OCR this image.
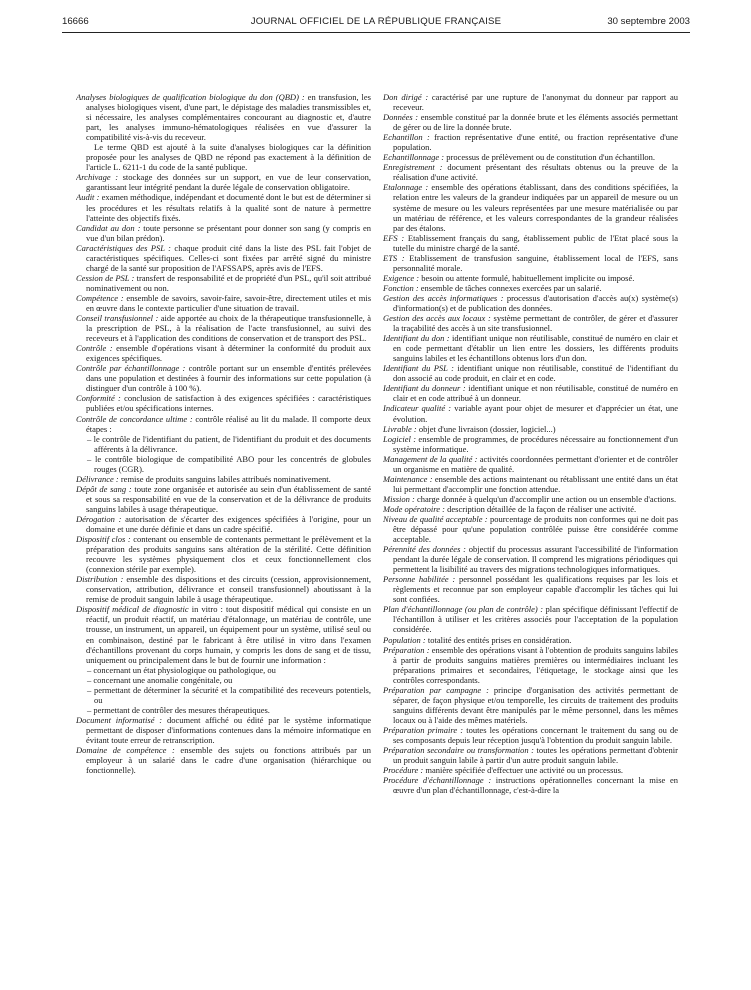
16666	JOURNAL OFFICIEL DE LA RÉPUBLIQUE FRANÇAISE	30 septembre 2003

Analyses biologiques de qualification biologique du don (QBD) : en transfusion, les analyses biologiques visent, d'une part, le dépistage des maladies transmissibles et, si nécessaire, les analyses complémentaires concourant au diagnostic et, d'autre part, les analyses immuno-hématologiques réalisées en vue d'assurer la compatibilité vis-à-vis du receveur.

Le terme QBD est ajouté à la suite d'analyses biologiques car la définition proposée pour les analyses de QBD ne répond pas exactement à la définition de l'article L. 6211-1 du code de la santé publique.

Archivage : stockage des données sur un support, en vue de leur conservation, garantissant leur intégrité pendant la durée légale de conservation obligatoire.

Audit : examen méthodique, indépendant et documenté dont le but est de déterminer si les procédures et les résultats relatifs à la qualité sont de nature à permettre l'atteinte des objectifs fixés.

Candidat au don : toute personne se présentant pour donner son sang (y compris en vue d'un bilan prédon).

Caractéristiques des PSL : chaque produit cité dans la liste des PSL fait l'objet de caractéristiques spécifiques. Celles-ci sont fixées par arrêté signé du ministre chargé de la santé sur proposition de l'AFSSAPS, après avis de l'EFS.

Cession de PSL : transfert de responsabilité et de propriété d'un PSL, qu'il soit attribué nominativement ou non.

Compétence : ensemble de savoirs, savoir-faire, savoir-être, directement utiles et mis en œuvre dans le contexte particulier d'une situation de travail.

Conseil transfusionnel : aide apportée au choix de la thérapeutique transfusionnelle, à la prescription de PSL, à la réalisation de l'acte transfusionnel, au suivi des receveurs et à l'application des conditions de conservation et de transport des PSL.

Contrôle : ensemble d'opérations visant à déterminer la conformité du produit aux exigences spécifiques.

Contrôle par échantillonnage : contrôle portant sur un ensemble d'entités prélevées dans une population et destinées à fournir des informations sur cette population (à distinguer d'un contrôle à 100 %).

Conformité : conclusion de satisfaction à des exigences spécifiées : caractéristiques publiées et/ou spécifications internes.

Contrôle de concordance ultime : contrôle réalisé au lit du malade. Il comporte deux étapes :

– le contrôle de l'identifiant du patient, de l'identifiant du produit et des documents afférents à la délivrance.

– le contrôle biologique de compatibilité ABO pour les concentrés de globules rouges (CGR).

Délivrance : remise de produits sanguins labiles attribués nominativement.

Dépôt de sang : toute zone organisée et autorisée au sein d'un établissement de santé et sous sa responsabilité en vue de la conservation et de la délivrance de produits sanguins labiles à usage thérapeutique.

Dérogation : autorisation de s'écarter des exigences spécifiées à l'origine, pour un domaine et une durée définie et dans un cadre spécifié.

Dispositif clos : contenant ou ensemble de contenants permettant le prélèvement et la préparation des produits sanguins sans altération de la stérilité. Cette définition recouvre les systèmes physiquement clos et ceux fonctionnellement clos (connexion stérile par exemple).

Distribution : ensemble des dispositions et des circuits (cession, approvisionnement, conservation, attribution, délivrance et conseil transfusionnel) aboutissant à la remise de produit sanguin labile à usage thérapeutique.

Dispositif médical de diagnostic in vitro : tout dispositif médical qui consiste en un réactif, un produit réactif, un matériau d'étalonnage, un matériau de contrôle, une trousse, un instrument, un appareil, un équipement pour un système, utilisé seul ou en combinaison, destiné par le fabricant à être utilisé in vitro dans l'examen d'échantillons provenant du corps humain, y compris les dons de sang et de tissu, uniquement ou principalement dans le but de fournir une information :

– concernant un état physiologique ou pathologique, ou

– concernant une anomalie congénitale, ou

– permettant de déterminer la sécurité et la compatibilité des receveurs potentiels, ou

– permettant de contrôler des mesures thérapeutiques.

Document informatisé : document affiché ou édité par le système informatique permettant de disposer d'informations contenues dans la mémoire informatique en évitant toute erreur de retranscription.

Domaine de compétence : ensemble des sujets ou fonctions attribués par un employeur à un salarié dans le cadre d'une organisation (hiérarchique ou fonctionnelle).

Don dirigé : caractérisé par une rupture de l'anonymat du donneur par rapport au receveur.

Données : ensemble constitué par la donnée brute et les éléments associés permettant de gérer ou de lire la donnée brute.

Echantillon : fraction représentative d'une entité, ou fraction représentative d'une population.

Echantillonnage : processus de prélèvement ou de constitution d'un échantillon.

Enregistrement : document présentant des résultats obtenus ou la preuve de la réalisation d'une activité.

Etalonnage : ensemble des opérations établissant, dans des conditions spécifiées, la relation entre les valeurs de la grandeur indiquées par un appareil de mesure ou un système de mesure ou les valeurs représentées par une mesure matérialisée ou par un matériau de référence, et les valeurs correspondantes de la grandeur réalisées par des étalons.

EFS : Etablissement français du sang, établissement public de l'Etat placé sous la tutelle du ministre chargé de la santé.

ETS : Etablissement de transfusion sanguine, établissement local de l'EFS, sans personnalité morale.

Exigence : besoin ou attente formulé, habituellement implicite ou imposé.

Fonction : ensemble de tâches connexes exercées par un salarié.

Gestion des accès informatiques : processus d'autorisation d'accès au(x) système(s) d'information(s) et de publication des données.

Gestion des accès aux locaux : système permettant de contrôler, de gérer et d'assurer la traçabilité des accès à un site transfusionnel.

Identifiant du don : identifiant unique non réutilisable, constitué de numéro en clair et en code permettant d'établir un lien entre les dossiers, les différents produits sanguins labiles et les échantillons obtenus lors d'un don.

Identifiant du PSL : identifiant unique non réutilisable, constitué de l'identifiant du don associé au code produit, en clair et en code.

Identifiant du donneur : identifiant unique et non réutilisable, constitué de numéro en clair et en code attribué à un donneur.

Indicateur qualité : variable ayant pour objet de mesurer et d'apprécier un état, une évolution.

Livrable : objet d'une livraison (dossier, logiciel...)

Logiciel : ensemble de programmes, de procédures nécessaire au fonctionnement d'un système informatique.

Management de la qualité : activités coordonnées permettant d'orienter et de contrôler un organisme en matière de qualité.

Maintenance : ensemble des actions maintenant ou rétablissant une entité dans un état lui permettant d'accomplir une fonction attendue.

Mission : charge donnée à quelqu'un d'accomplir une action ou un ensemble d'actions.

Mode opératoire : description détaillée de la façon de réaliser une activité.

Niveau de qualité acceptable : pourcentage de produits non conformes qui ne doit pas être dépassé pour qu'une population contrôlée puisse être considérée comme acceptable.

Pérennité des données : objectif du processus assurant l'accessibilité de l'information pendant la durée légale de conservation. Il comprend les migrations périodiques qui permettent la lisibilité au travers des migrations technologiques informatiques.

Personne habilitée : personnel possédant les qualifications requises par les lois et règlements et reconnue par son employeur capable d'accomplir les tâches qui lui sont confiées.

Plan d'échantillonnage (ou plan de contrôle) : plan spécifique définissant l'effectif de l'échantillon à utiliser et les critères associés pour l'acceptation de la population considérée.

Population : totalité des entités prises en considération.

Préparation : ensemble des opérations visant à l'obtention de produits sanguins labiles à partir de produits sanguins matières premières ou intermédiaires incluant les préparations primaires et secondaires, l'étiquetage, le stockage ainsi que les contrôles correspondants.

Préparation par campagne : principe d'organisation des activités permettant de séparer, de façon physique et/ou temporelle, les circuits de traitement des produits sanguins différents devant être manipulés par le même personnel, dans les mêmes locaux ou à l'aide des mêmes matériels.

Préparation primaire : toutes les opérations concernant le traitement du sang ou de ses composants depuis leur réception jusqu'à l'obtention du produit sanguin labile.

Préparation secondaire ou transformation : toutes les opérations permettant d'obtenir un produit sanguin labile à partir d'un autre produit sanguin labile.

Procédure : manière spécifiée d'effectuer une activité ou un processus.

Procédure d'échantillonnage : instructions opérationnelles concernant la mise en œuvre d'un plan d'échantillonnage, c'est-à-dire la
